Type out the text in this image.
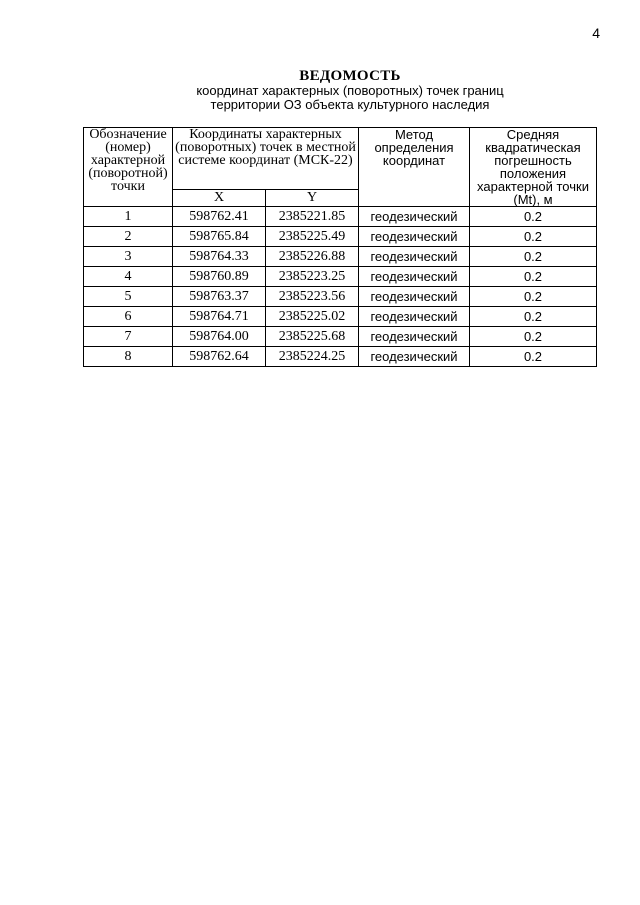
4
ВЕДОМОСТЬ
координат характерных (поворотных) точек границ
территории ОЗ объекта культурного наследия
Обозначение (номер) характерной (поворотной) точки	Координаты характерных (поворотных) точек в местной системе координат (МСК-22)		Метод определения координат	Средняя квадратическая погрешность положения характерной точки (Mt), м
	X	Y		
1	598762.41	2385221.85	геодезический	0.2
2	598765.84	2385225.49	геодезический	0.2
3	598764.33	2385226.88	геодезический	0.2
4	598760.89	2385223.25	геодезический	0.2
5	598763.37	2385223.56	геодезический	0.2
6	598764.71	2385225.02	геодезический	0.2
7	598764.00	2385225.68	геодезический	0.2
8	598762.64	2385224.25	геодезический	0.2
